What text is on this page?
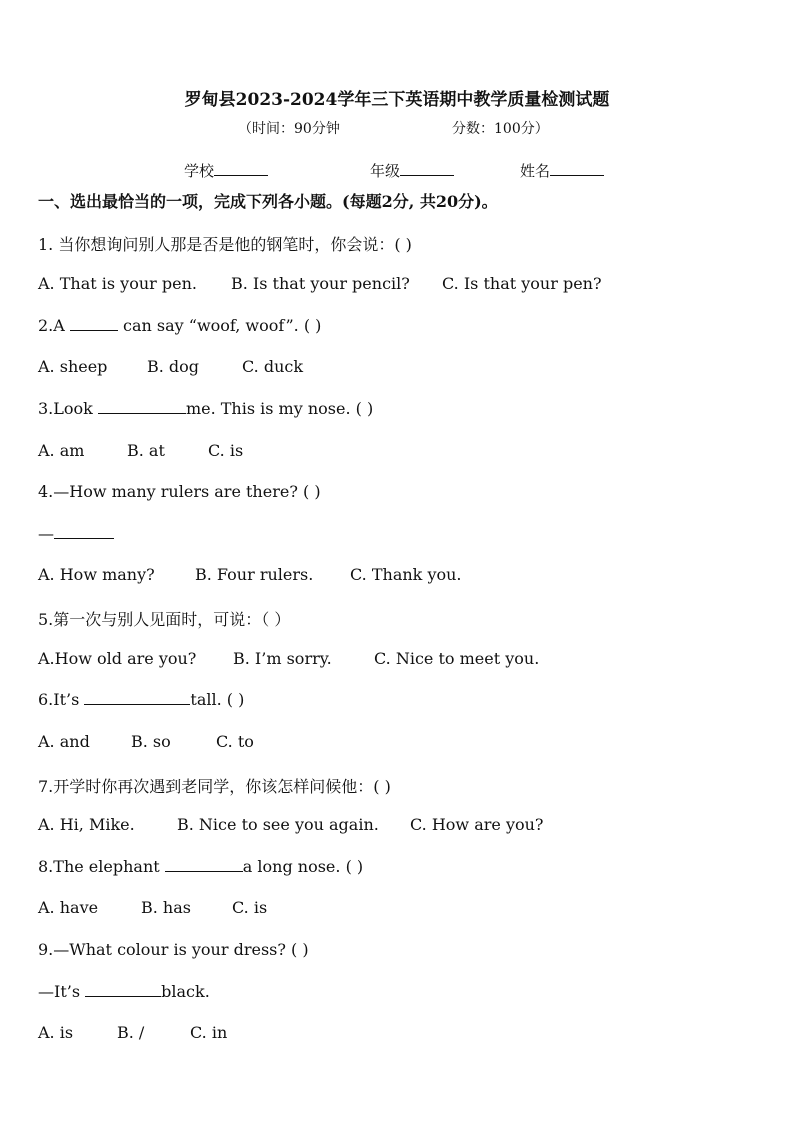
罗甸县2023-2024学年三下英语期中教学质量检测试题
（时间：90分钟	分数：100分）
学校	年级	姓名
一、选出最恰当的一项，完成下列各小题。(每题2分, 共20分)。
1. 当你想询问别人那是否是他的钢笔时，你会说：( )
A. That is your pen. B. Is that your pencil? C. Is that your pen?
2.A	can say “woof, woof”. ( )
A. sheep B. dog	C. duck
3.Look	me. This is my nose. ( )
A. am	B. at	C. is
4.—How many rulers are there? ( )
—
A. How many?	B. Four rulers. C. Thank you.
5.第一次与别人见面时，可说：（ ）
A.How old are you? B. I’m sorry.	C. Nice to meet you.
6.It’s	tall. ( )
A. and	B. so	C. to
7.开学时你再次遇到老同学，你该怎样问候他：( )
A. Hi, Mike.	B. Nice to see you again. C. How are you?
8.The elephant	a long nose. ( )
A. have	B. has	C. is
9.—What colour is your dress? ( )
—It’s	black.
A. is	B. /	C. in
